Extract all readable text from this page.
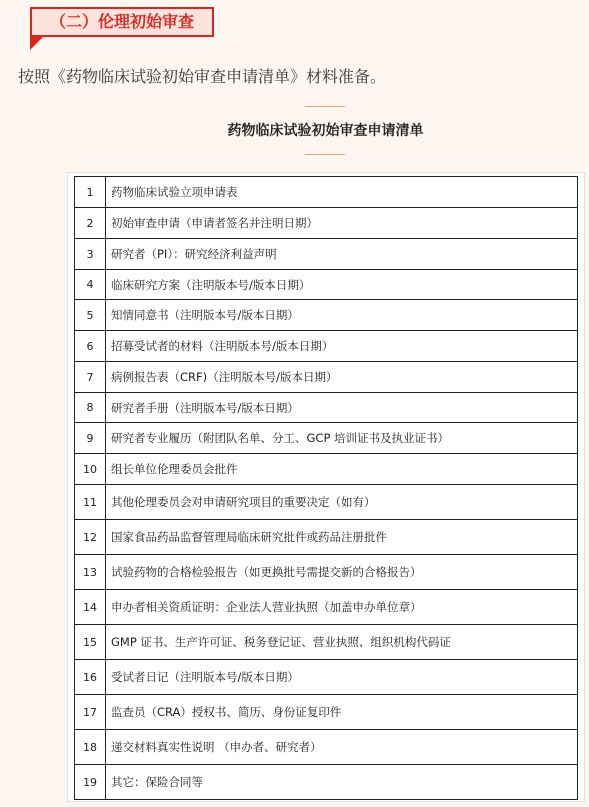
（二）伦理初始审查
按照《药物临床试验初始审查申请清单》材料准备。
药物临床试验初始审查申请清单
1	药物临床试验立项申请表
2	初始审查申请（申请者签名并注明日期）
3	研究者（PI）：研究经济利益声明
4	临床研究方案（注明版本号/版本日期）
5	知情同意书（注明版本号/版本日期）
6	招募受试者的材料（注明版本号/版本日期）
7	病例报告表（CRF)（注明版本号/版本日期）
8	研究者手册（注明版本号/版本日期）
9	研究者专业履历（附团队名单、分工、GCP 培训证书及执业证书）
10	组长单位伦理委员会批件
11	其他伦理委员会对申请研究项目的重要决定（如有）
12	国家食品药品监督管理局临床研究批件或药品注册批件
13	试验药物的合格检验报告（如更换批号需提交新的合格报告）
14	申办者相关资质证明：企业法人营业执照（加盖申办单位章）
15	GMP 证书、生产许可证、税务登记证、营业执照、组织机构代码证
16	受试者日记（注明版本号/版本日期）
17	监查员（CRA）授权书、简历、身份证复印件
18	递交材料真实性说明 （申办者、研究者）
19	其它：保险合同等
